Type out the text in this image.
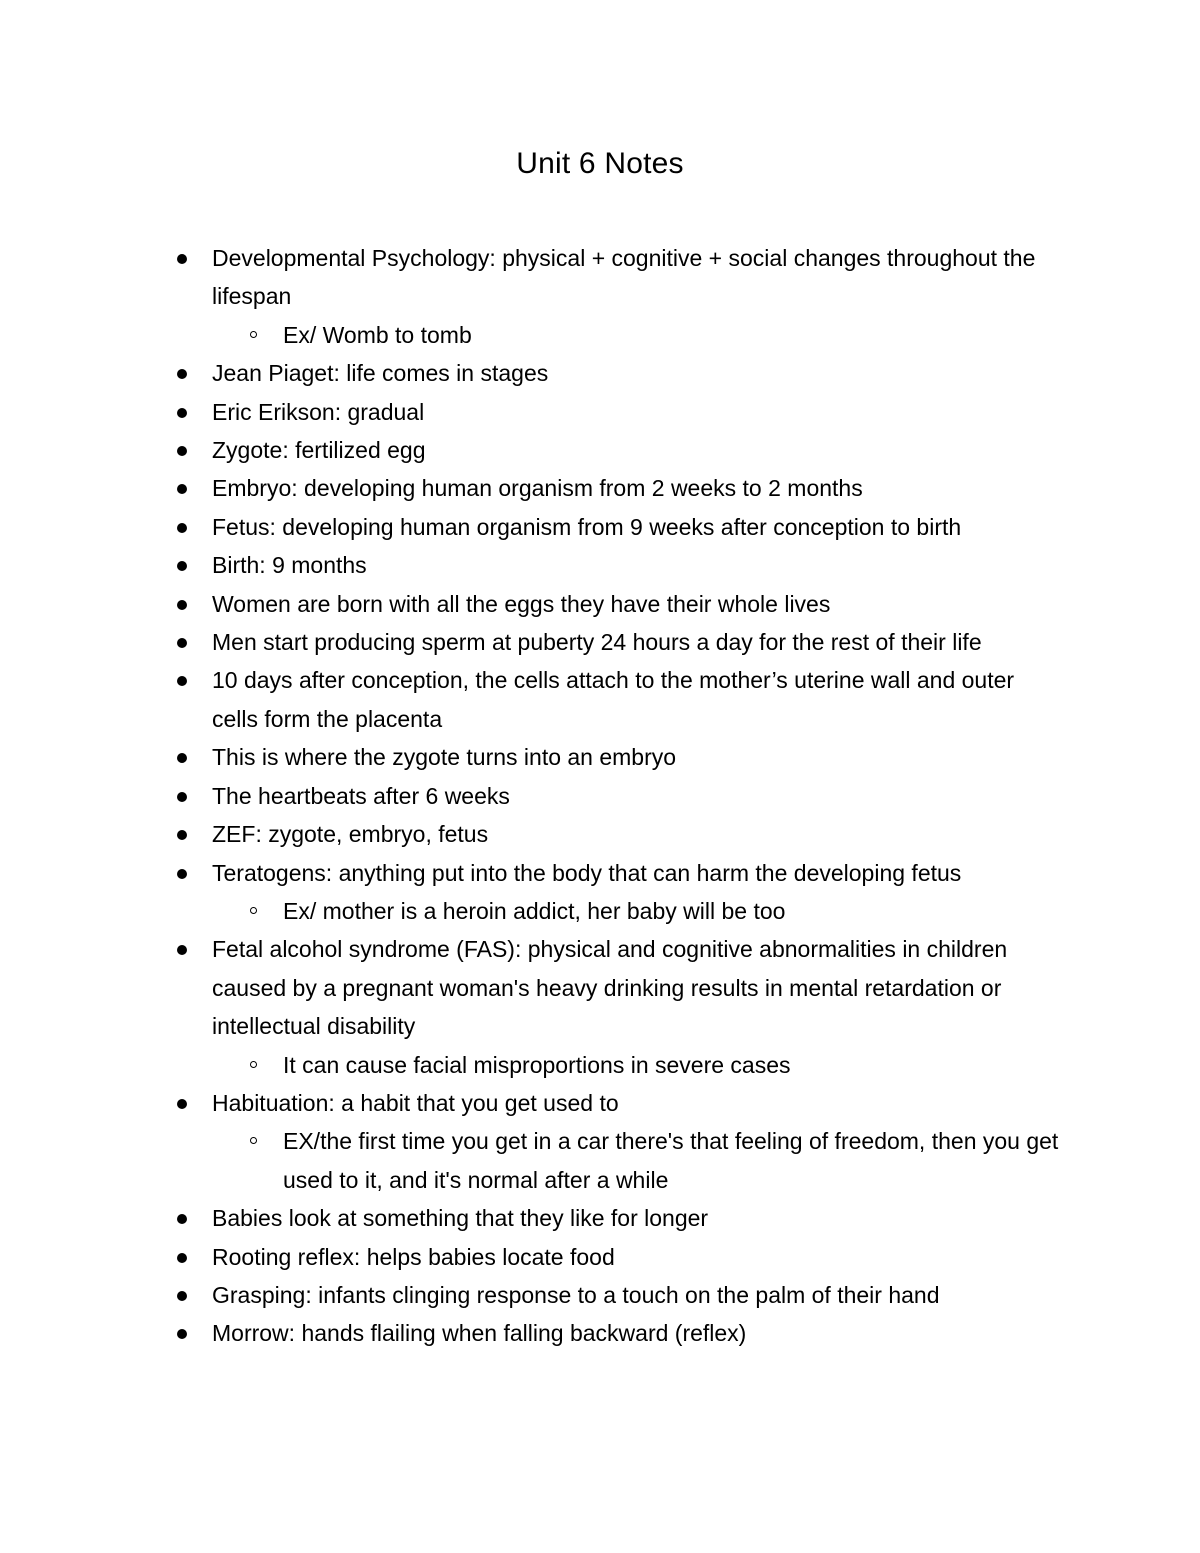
Unit 6 Notes
Developmental Psychology: physical + cognitive + social changes throughout the lifespan
Ex/ Womb to tomb
Jean Piaget: life comes in stages
Eric Erikson: gradual
Zygote: fertilized egg
Embryo: developing human organism from 2 weeks to 2 months
Fetus: developing human organism from 9 weeks after conception to birth
Birth: 9 months
Women are born with all the eggs they have their whole lives
Men start producing sperm at puberty 24 hours a day for the rest of their life
10 days after conception, the cells attach to the mother’s uterine wall and outer cells form the placenta
This is where the zygote turns into an embryo
The heartbeats after 6 weeks
ZEF: zygote, embryo, fetus
Teratogens: anything put into the body that can harm the developing fetus
Ex/ mother is a heroin addict, her baby will be too
Fetal alcohol syndrome (FAS): physical and cognitive abnormalities in children caused by a pregnant woman's heavy drinking results in mental retardation or intellectual disability
It can cause facial misproportions in severe cases
Habituation: a habit that you get used to
EX/the first time you get in a car there's that feeling of freedom, then you get used to it, and it's normal after a while
Babies look at something that they like for longer
Rooting reflex: helps babies locate food
Grasping: infants clinging response to a touch on the palm of their hand
Morrow: hands flailing when falling backward (reflex)
